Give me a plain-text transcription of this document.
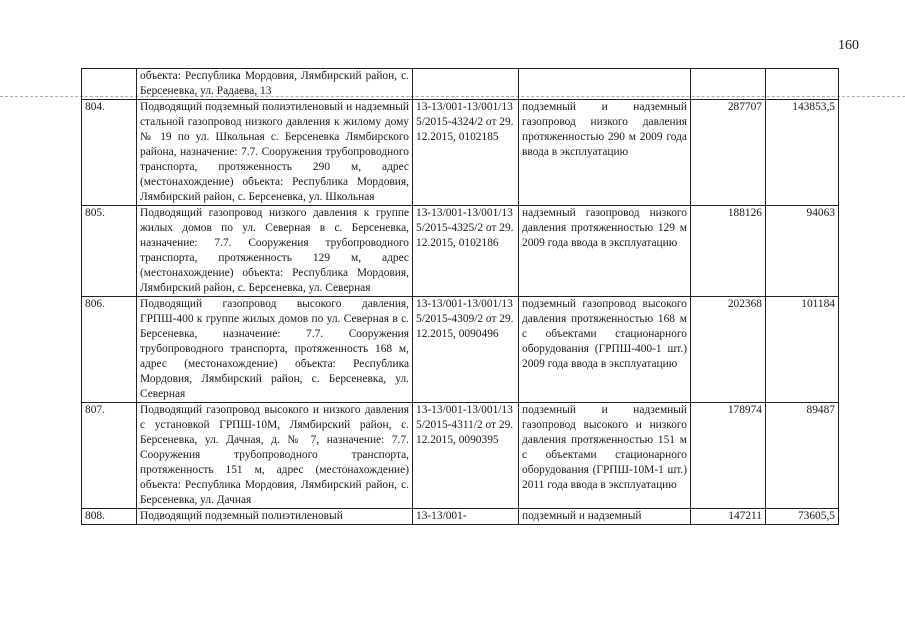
160
	объекта: Республика Мордовия, Лямбирский район, с. Берсеневка, ул. Радаева, 13				
804.	Подводящий подземный полиэтиленовый и надземный стальной газопровод низкого давления к жилому дому № 19 по ул. Школьная с. Берсеневка Лямбирского района, назначение: 7.7. Сооружения трубопроводного транспорта, протяженность 290 м, адрес (местонахождение) объекта: Республика Мордовия, Лямбирский район, с. Берсеневка, ул. Школьная	13-13/001-13/001/135/2015-4324/2 от 29.12.2015, 0102185	подземный и надземный газопровод низкого давления протяженностью 290 м 2009 года ввода в эксплуатацию	287707	143853,5
805.	Подводящий газопровод низкого давления к группе жилых домов по ул. Северная в с. Берсеневка, назначение: 7.7. Сооружения трубопроводного транспорта, протяженность 129 м, адрес (местонахождение) объекта: Республика Мордовия, Лямбирский район, с. Берсеневка, ул. Северная	13-13/001-13/001/135/2015-4325/2 от 29.12.2015, 0102186	надземный газопровод низкого давления протяженностью 129 м 2009 года ввода в эксплуатацию	188126	94063
806.	Подводящий газопровод высокого давления, ГРПШ-400 к группе жилых домов по ул. Северная в с. Берсеневка, назначение: 7.7. Сооружения трубопроводного транспорта, протяженность 168 м, адрес (местонахождение) объекта: Республика Мордовия, Лямбирский район, с. Берсеневка, ул. Северная	13-13/001-13/001/135/2015-4309/2 от 29.12.2015, 0090496	подземный газопровод высокого давления протяженностью 168 м с объектами стационарного оборудования (ГРПШ-400-1 шт.) 2009 года ввода в эксплуатацию	202368	101184
807.	Подводящий газопровод высокого и низкого давления с установкой ГРПШ-10М, Лямбирский район, с. Берсеневка, ул. Дачная, д. № 7, назначение: 7.7. Сооружения трубопроводного транспорта, протяженность 151 м, адрес (местонахождение) объекта: Республика Мордовия, Лямбирский район, с. Берсеневка, ул. Дачная	13-13/001-13/001/135/2015-4311/2 от 29.12.2015, 0090395	подземный и надземный газопровод высокого и низкого давления протяженностью 151 м с объектами стационарного оборудования (ГРПШ-10М-1 шт.) 2011 года ввода в эксплуатацию	178974	89487
808.	Подводящий подземный полиэтиленовый	13-13/001-	подземный и надземный	147211	73605,5
